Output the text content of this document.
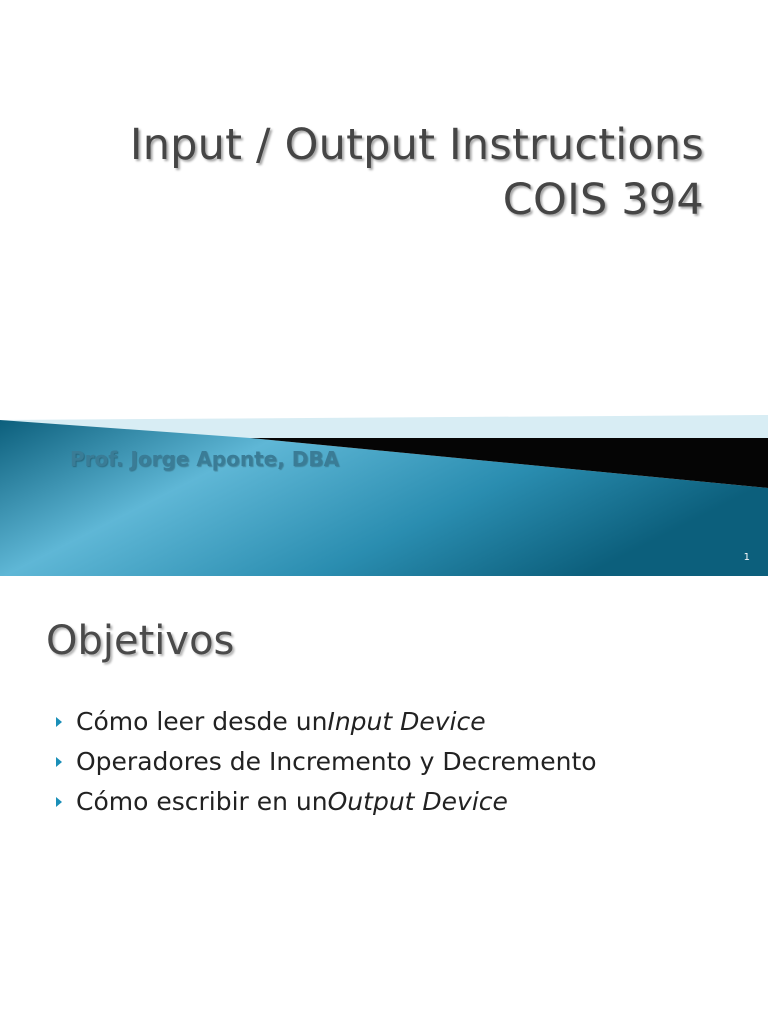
Input / Output Instructions
COIS 394

Prof. Jorge Aponte, DBA

1
Objetivos
Cómo leer desde un Input Device
Operadores de Incremento y Decremento
Cómo escribir en un Output Device
